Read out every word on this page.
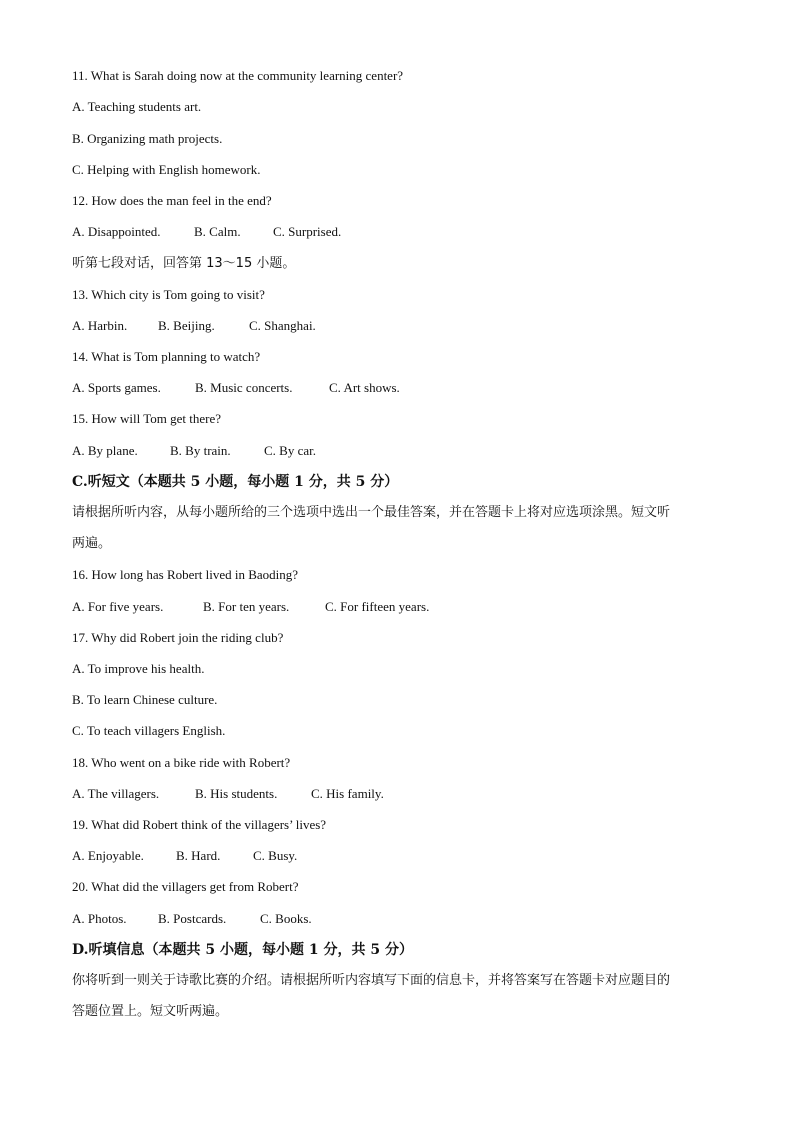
11. What is Sarah doing now at the community learning center?
A. Teaching students art.
B. Organizing math projects.
C. Helping with English homework.
12. How does the man feel in the end?
A. Disappointed.	B. Calm.	C. Surprised.
听第七段对话，回答第 13～15 小题。
13. Which city is Tom going to visit?
A. Harbin.	B. Beijing.	C. Shanghai.
14. What is Tom planning to watch?
A. Sports games.	B. Music concerts.	C. Art shows.
15. How will Tom get there?
A. By plane.	B. By train.	C. By car.
C.听短文（本题共 5 小题，每小题 1 分，共 5 分）
请根据所听内容，从每小题所给的三个选项中选出一个最佳答案，并在答题卡上将对应选项涂黑。短文听
两遍。
16. How long has Robert lived in Baoding?
A. For five years.	B. For ten years.	C. For fifteen years.
17. Why did Robert join the riding club?
A. To improve his health.
B. To learn Chinese culture.
C. To teach villagers English.
18. Who went on a bike ride with Robert?
A. The villagers.	B. His students.	C. His family.
19. What did Robert think of the villagers’ lives?
A. Enjoyable.	B. Hard.	C. Busy.
20. What did the villagers get from Robert?
A. Photos.	B. Postcards.	C. Books.
D.听填信息（本题共 5 小题，每小题 1 分，共 5 分）
你将听到一则关于诗歌比赛的介绍。请根据所听内容填写下面的信息卡，并将答案写在答题卡对应题目的
答题位置上。短文听两遍。
